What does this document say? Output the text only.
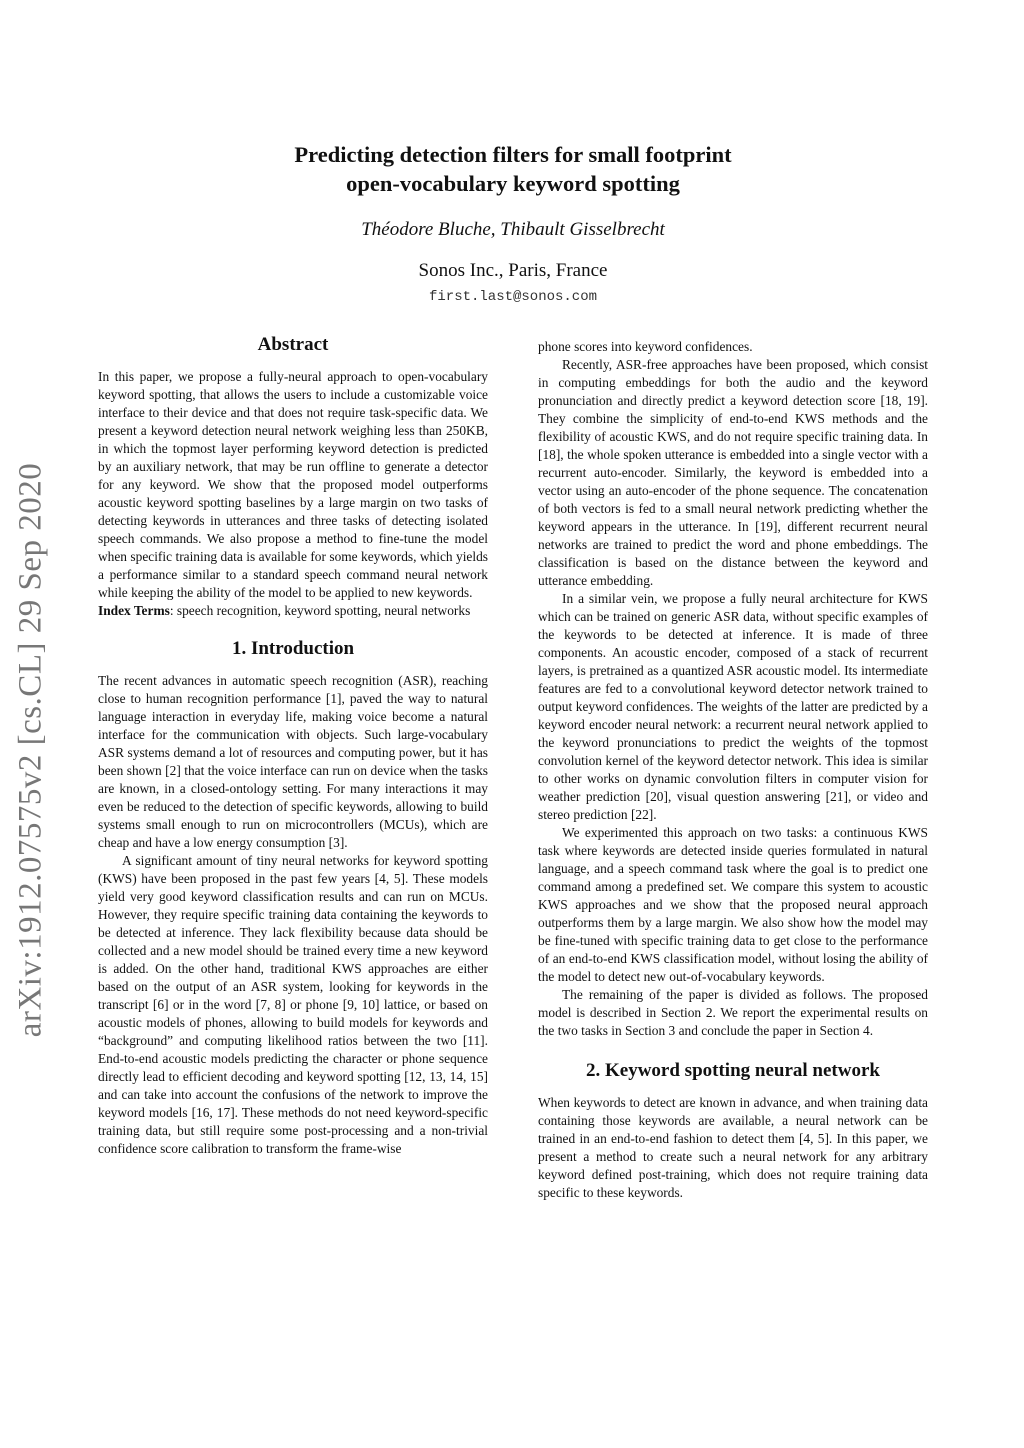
arXiv:1912.07575v2 [cs.CL] 29 Sep 2020
Predicting detection filters for small footprint
open-vocabulary keyword spotting
Théodore Bluche, Thibault Gisselbrecht
Sonos Inc., Paris, France
first.last@sonos.com
Abstract

In this paper, we propose a fully-neural approach to open-vocabulary keyword spotting, that allows the users to include a customizable voice interface to their device and that does not require task-specific data. We present a keyword detection neural network weighing less than 250KB, in which the topmost layer performing keyword detection is predicted by an auxiliary network, that may be run offline to generate a detector for any keyword. We show that the proposed model outperforms acoustic keyword spotting baselines by a large margin on two tasks of detecting keywords in utterances and three tasks of detecting isolated speech commands. We also propose a method to fine-tune the model when specific training data is available for some keywords, which yields a performance similar to a standard speech command neural network while keeping the ability of the model to be applied to new keywords.

Index Terms: speech recognition, keyword spotting, neural networks

1. Introduction

The recent advances in automatic speech recognition (ASR), reaching close to human recognition performance [1], paved the way to natural language interaction in everyday life, making voice become a natural interface for the communication with objects. Such large-vocabulary ASR systems demand a lot of resources and computing power, but it has been shown [2] that the voice interface can run on device when the tasks are known, in a closed-ontology setting. For many interactions it may even be reduced to the detection of specific keywords, allowing to build systems small enough to run on microcontrollers (MCUs), which are cheap and have a low energy consumption [3].

A significant amount of tiny neural networks for keyword spotting (KWS) have been proposed in the past few years [4, 5]. These models yield very good keyword classification results and can run on MCUs. However, they require specific training data containing the keywords to be detected at inference. They lack flexibility because data should be collected and a new model should be trained every time a new keyword is added. On the other hand, traditional KWS approaches are either based on the output of an ASR system, looking for keywords in the transcript [6] or in the word [7, 8] or phone [9, 10] lattice, or based on acoustic models of phones, allowing to build models for keywords and “background” and computing likelihood ratios between the two [11]. End-to-end acoustic models predicting the character or phone sequence directly lead to efficient decoding and keyword spotting [12, 13, 14, 15] and can take into account the confusions of the network to improve the keyword models [16, 17]. These methods do not need keyword-specific training data, but still require some post-processing and a non-trivial confidence score calibration to transform the frame-wise

phone scores into keyword confidences.

Recently, ASR-free approaches have been proposed, which consist in computing embeddings for both the audio and the keyword pronunciation and directly predict a keyword detection score [18, 19]. They combine the simplicity of end-to-end KWS methods and the flexibility of acoustic KWS, and do not require specific training data. In [18], the whole spoken utterance is embedded into a single vector with a recurrent auto-encoder. Similarly, the keyword is embedded into a vector using an auto-encoder of the phone sequence. The concatenation of both vectors is fed to a small neural network predicting whether the keyword appears in the utterance. In [19], different recurrent neural networks are trained to predict the word and phone embeddings. The classification is based on the distance between the keyword and utterance embedding.

In a similar vein, we propose a fully neural architecture for KWS which can be trained on generic ASR data, without specific examples of the keywords to be detected at inference. It is made of three components. An acoustic encoder, composed of a stack of recurrent layers, is pretrained as a quantized ASR acoustic model. Its intermediate features are fed to a convolutional keyword detector network trained to output keyword confidences. The weights of the latter are predicted by a keyword encoder neural network: a recurrent neural network applied to the keyword pronunciations to predict the weights of the topmost convolution kernel of the keyword detector network. This idea is similar to other works on dynamic convolution filters in computer vision for weather prediction [20], visual question answering [21], or video and stereo prediction [22].

We experimented this approach on two tasks: a continuous KWS task where keywords are detected inside queries formulated in natural language, and a speech command task where the goal is to predict one command among a predefined set. We compare this system to acoustic KWS approaches and we show that the proposed neural approach outperforms them by a large margin. We also show how the model may be fine-tuned with specific training data to get close to the performance of an end-to-end KWS classification model, without losing the ability of the model to detect new out-of-vocabulary keywords.

The remaining of the paper is divided as follows. The proposed model is described in Section 2. We report the experimental results on the two tasks in Section 3 and conclude the paper in Section 4.

2. Keyword spotting neural network

When keywords to detect are known in advance, and when training data containing those keywords are available, a neural network can be trained in an end-to-end fashion to detect them [4, 5]. In this paper, we present a method to create such a neural network for any arbitrary keyword defined post-training, which does not require training data specific to these keywords.
